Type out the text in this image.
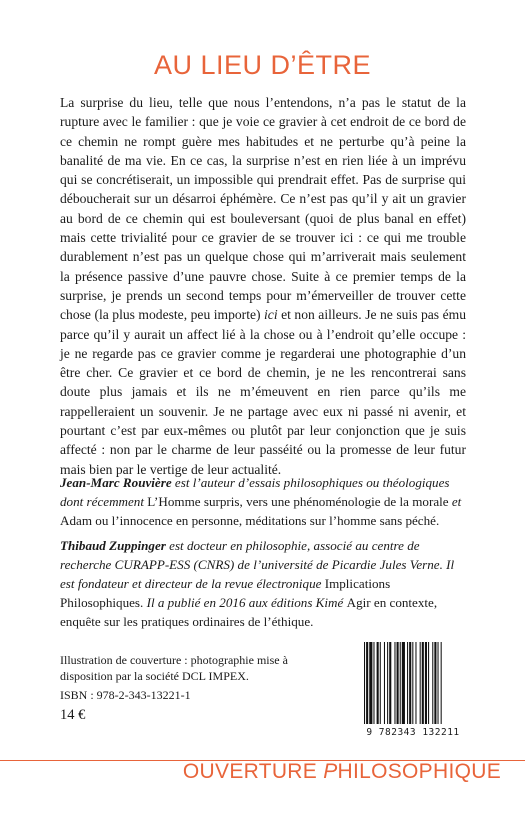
AU LIEU D’ÊTRE
La surprise du lieu, telle que nous l’entendons, n’a pas le statut de la rupture avec le familier : que je voie ce gravier à cet endroit de ce bord de ce chemin ne rompt guère mes habitudes et ne perturbe qu’à peine la banalité de ma vie. En ce cas, la surprise n’est en rien liée à un imprévu qui se concrétiserait, un impossible qui prendrait effet. Pas de surprise qui déboucherait sur un désarroi éphémère. Ce n’est pas qu’il y ait un gravier au bord de ce chemin qui est bouleversant (quoi de plus banal en effet) mais cette trivialité pour ce gravier de se trouver ici : ce qui me trouble durablement n’est pas un quelque chose qui m’arriverait mais seulement la présence passive d’une pauvre chose. Suite à ce premier temps de la surprise, je prends un second temps pour m’émerveiller de trouver cette chose (la plus modeste, peu importe) ici et non ailleurs. Je ne suis pas ému parce qu’il y aurait un affect lié à la chose ou à l’endroit qu’elle occupe : je ne regarde pas ce gravier comme je regarderai une photographie d’un être cher. Ce gravier et ce bord de chemin, je ne les rencontrerai sans doute plus jamais et ils ne m’émeuvent en rien parce qu’ils me rappelleraient un souvenir. Je ne partage avec eux ni passé ni avenir, et pourtant c’est par eux-mêmes ou plutôt par leur conjonction que je suis affecté : non par le charme de leur passéité ou la promesse de leur futur mais bien par le vertige de leur actualité.
Jean-Marc Rouvière est l’auteur d’essais philosophiques ou théologiques dont récemment L’Homme surpris, vers une phénoménologie de la morale et Adam ou l’innocence en personne, méditations sur l’homme sans péché.
Thibaud Zuppinger est docteur en philosophie, associé au centre de recherche CURAPP-ESS (CNRS) de l’université de Picardie Jules Verne. Il est fondateur et directeur de la revue électronique Implications Philosophiques. Il a publié en 2016 aux éditions Kimé Agir en contexte, enquête sur les pratiques ordinaires de l’éthique.
Illustration de couverture : photographie mise à disposition par la société DCL IMPEX.
ISBN : 978-2-343-13221-1
14 €
9 782343 132211
OUVERTURE PHILOSOPHIQUE
